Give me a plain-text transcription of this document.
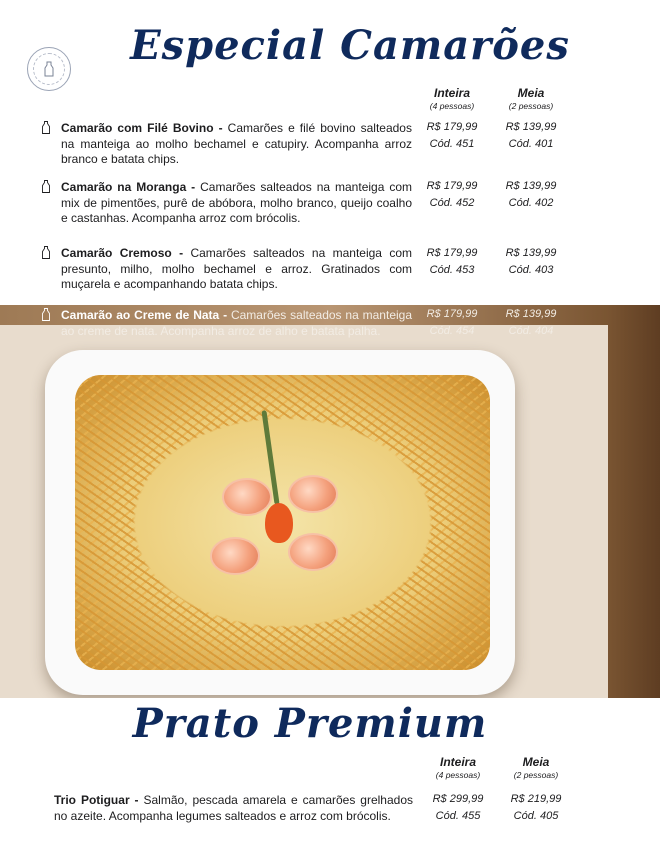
Especial Camarões
Inteira
(4 pessoas)
Meia
(2 pessoas)
Camarão com Filé Bovino - Camarões e filé bovino salteados na manteiga ao molho bechamel e catupiry. Acompanha arroz branco e batata chips.
R$ 179,99
Cód. 451
R$ 139,99
Cód. 401
Camarão na Moranga - Camarões salteados na manteiga com mix de pimentões, purê de abóbora, molho branco, queijo coalho e castanhas. Acompanha arroz com brócolis.
R$ 179,99
Cód. 452
R$ 139,99
Cód. 402
Camarão Cremoso - Camarões salteados na manteiga com presunto, milho, molho bechamel e arroz. Gratinados com muçarela e acompanhando batata chips.
R$ 179,99
Cód. 453
R$ 139,99
Cód. 403
Camarão ao Creme de Nata - Camarões salteados na manteiga ao creme de nata. Acompanha arroz de alho e batata palha.
R$ 179,99
Cód. 454
R$ 139,99
Cód. 404
Prato Premium
Inteira
(4 pessoas)
Meia
(2 pessoas)
Trio Potiguar - Salmão, pescada amarela e camarões grelhados no azeite. Acompanha legumes salteados e arroz com brócolis.
R$ 299,99
Cód. 455
R$ 219,99
Cód. 405
